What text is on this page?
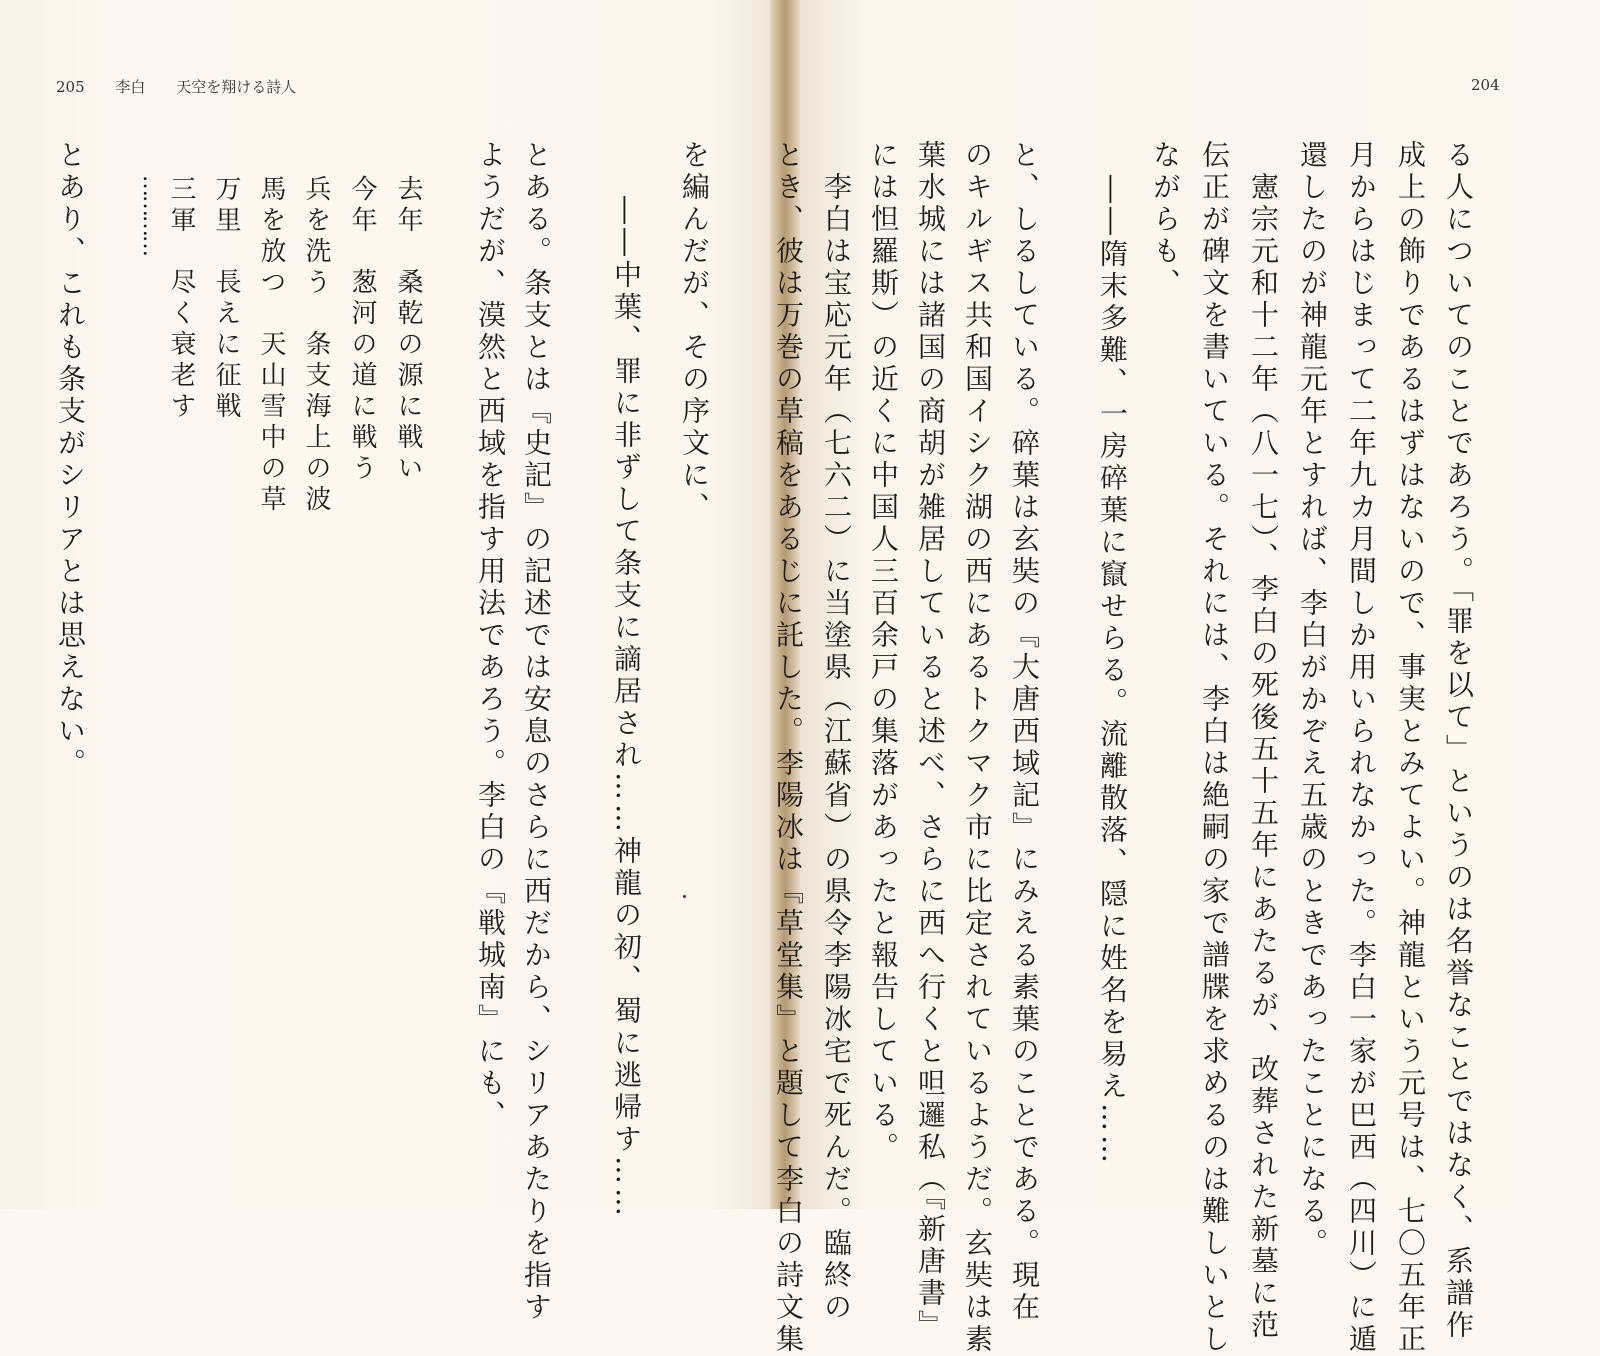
205 李白 天空を翔ける詩人
を編んだが、その序文に、
――中葉、罪に非ずして条支に謫居され……神龍の初、蜀に逃帰す……
とある。条支とは『史記』の記述では安息のさらに西だから、シリアあたりを指す
ようだが、漠然と西域を指す用法であろう。李白の『戦城南』にも、
去年　桑乾の源に戦い
今年　葱河の道に戦う
兵を洗う　条支海上の波
馬を放つ　天山雪中の草
万里　長えに征戦
三軍　尽く衰老す
…………
とあり、これも条支がシリアとは思えない。
204
る人についてのことであろう。「罪を以て」というのは名誉なことではなく、系譜作
成上の飾りであるはずはないので、事実とみてよい。神龍という元号は、七〇五年正
月からはじまって二年九カ月間しか用いられなかった。李白一家が巴西（四川）に遁
還したのが神龍元年とすれば、李白がかぞえ五歳のときであったことになる。
　憲宗元和十二年（八一七）、李白の死後五十五年にあたるが、改葬された新墓に范
伝正が碑文を書いている。それには、李白は絶嗣の家で譜牒を求めるのは難しいとし
ながらも、
――隋末多難、一房碎葉に竄せらる。流離散落、隠に姓名を易え……
と、しるしている。碎葉は玄奘の『大唐西域記』にみえる素葉のことである。現在
のキルギス共和国イシク湖の西にあるトクマク市に比定されているようだ。玄奘は素
葉水城には諸国の商胡が雑居していると述べ、さらに西へ行くと呾邏私（『新唐書』
には怛羅斯）の近くに中国人三百余戸の集落があったと報告している。
　李白は宝応元年（七六二）に当塗県（江蘇省）の県令李陽冰宅で死んだ。臨終の
とき、彼は万巻の草稿をあるじに託した。李陽冰は『草堂集』と題して李白の詩文集
